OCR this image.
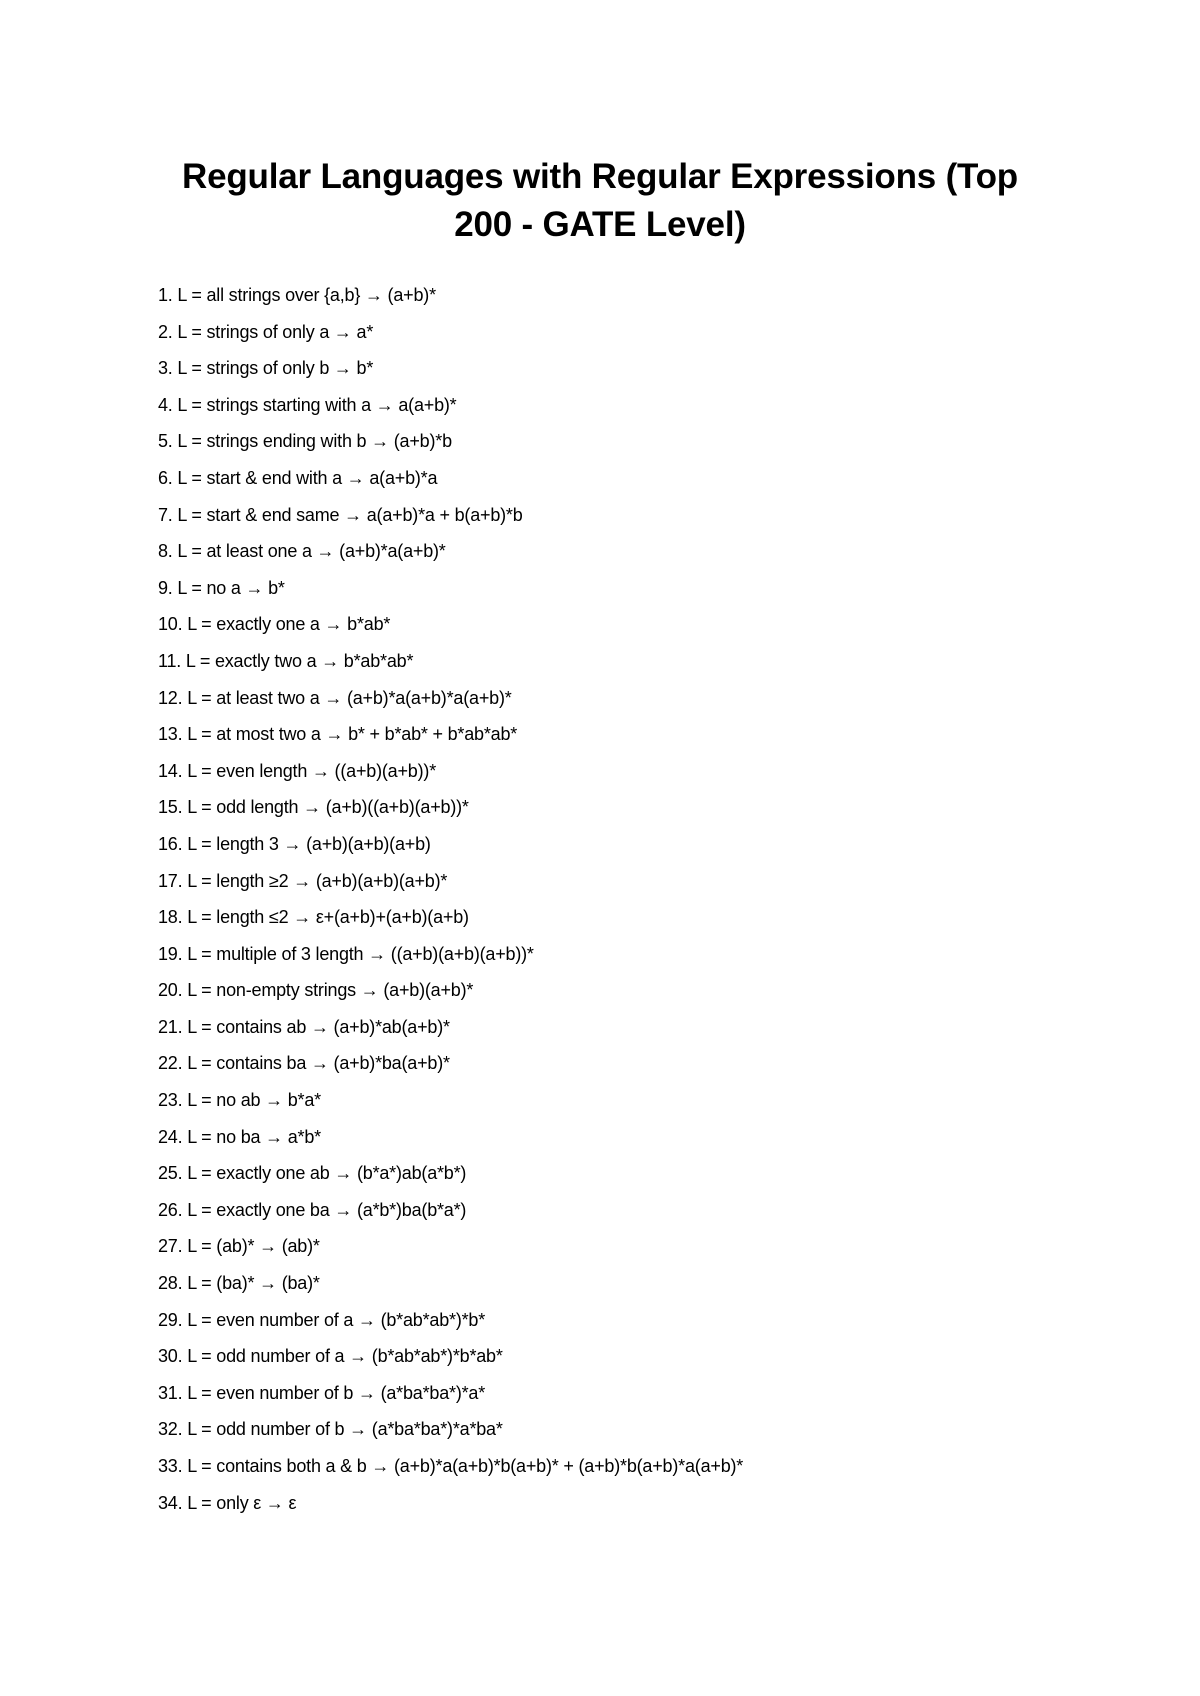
Regular Languages with Regular Expressions (Top 200 - GATE Level)
1. L = all strings over {a,b} → (a+b)*
2. L = strings of only a → a*
3. L = strings of only b → b*
4. L = strings starting with a → a(a+b)*
5. L = strings ending with b → (a+b)*b
6. L = start & end with a → a(a+b)*a
7. L = start & end same → a(a+b)*a + b(a+b)*b
8. L = at least one a → (a+b)*a(a+b)*
9. L = no a → b*
10. L = exactly one a → b*ab*
11. L = exactly two a → b*ab*ab*
12. L = at least two a → (a+b)*a(a+b)*a(a+b)*
13. L = at most two a → b* + b*ab* + b*ab*ab*
14. L = even length → ((a+b)(a+b))*
15. L = odd length → (a+b)((a+b)(a+b))*
16. L = length 3 → (a+b)(a+b)(a+b)
17. L = length ≥2 → (a+b)(a+b)(a+b)*
18. L = length ≤2 → ε+(a+b)+(a+b)(a+b)
19. L = multiple of 3 length → ((a+b)(a+b)(a+b))*
20. L = non-empty strings → (a+b)(a+b)*
21. L = contains ab → (a+b)*ab(a+b)*
22. L = contains ba → (a+b)*ba(a+b)*
23. L = no ab → b*a*
24. L = no ba → a*b*
25. L = exactly one ab → (b*a*)ab(a*b*)
26. L = exactly one ba → (a*b*)ba(b*a*)
27. L = (ab)* → (ab)*
28. L = (ba)* → (ba)*
29. L = even number of a → (b*ab*ab*)*b*
30. L = odd number of a → (b*ab*ab*)*b*ab*
31. L = even number of b → (a*ba*ba*)*a*
32. L = odd number of b → (a*ba*ba*)*a*ba*
33. L = contains both a & b → (a+b)*a(a+b)*b(a+b)* + (a+b)*b(a+b)*a(a+b)*
34. L = only ε → ε
